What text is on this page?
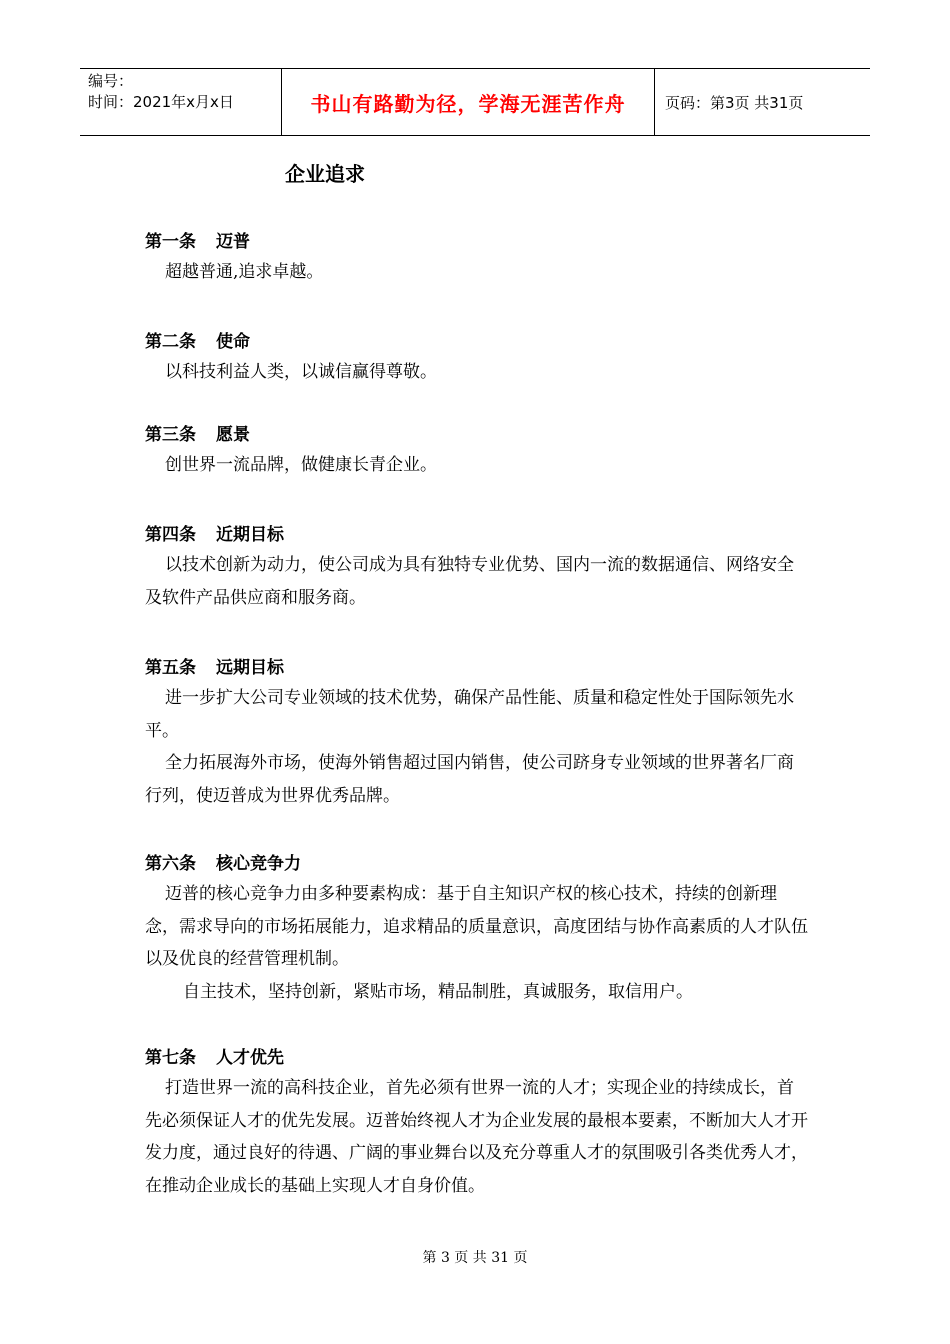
编号：
时间：2021年x月x日	书山有路勤为径，学海无涯苦作舟	页码：第3页 共31页
企业追求
第一条 迈普

超越普通,追求卓越。

第二条 使命

以科技利益人类，以诚信赢得尊敬。

第三条 愿景

创世界一流品牌，做健康长青企业。

第四条 近期目标

以技术创新为动力，使公司成为具有独特专业优势、国内一流的数据通信、网络安全及软件产品供应商和服务商。

第五条 远期目标

进一步扩大公司专业领域的技术优势，确保产品性能、质量和稳定性处于国际领先水平。

全力拓展海外市场，使海外销售超过国内销售，使公司跻身专业领域的世界著名厂商行列，使迈普成为世界优秀品牌。

第六条 核心竞争力

迈普的核心竞争力由多种要素构成：基于自主知识产权的核心技术，持续的创新理念，需求导向的市场拓展能力，追求精品的质量意识，高度团结与协作高素质的人才队伍以及优良的经营管理机制。

自主技术，坚持创新，紧贴市场，精品制胜，真诚服务，取信用户。

第七条 人才优先

打造世界一流的高科技企业，首先必须有世界一流的人才；实现企业的持续成长，首先必须保证人才的优先发展。迈普始终视人才为企业发展的最根本要素，不断加大人才开发力度，通过良好的待遇、广阔的事业舞台以及充分尊重人才的氛围吸引各类优秀人才，在推动企业成长的基础上实现人才自身价值。

第 3 页 共 31 页
